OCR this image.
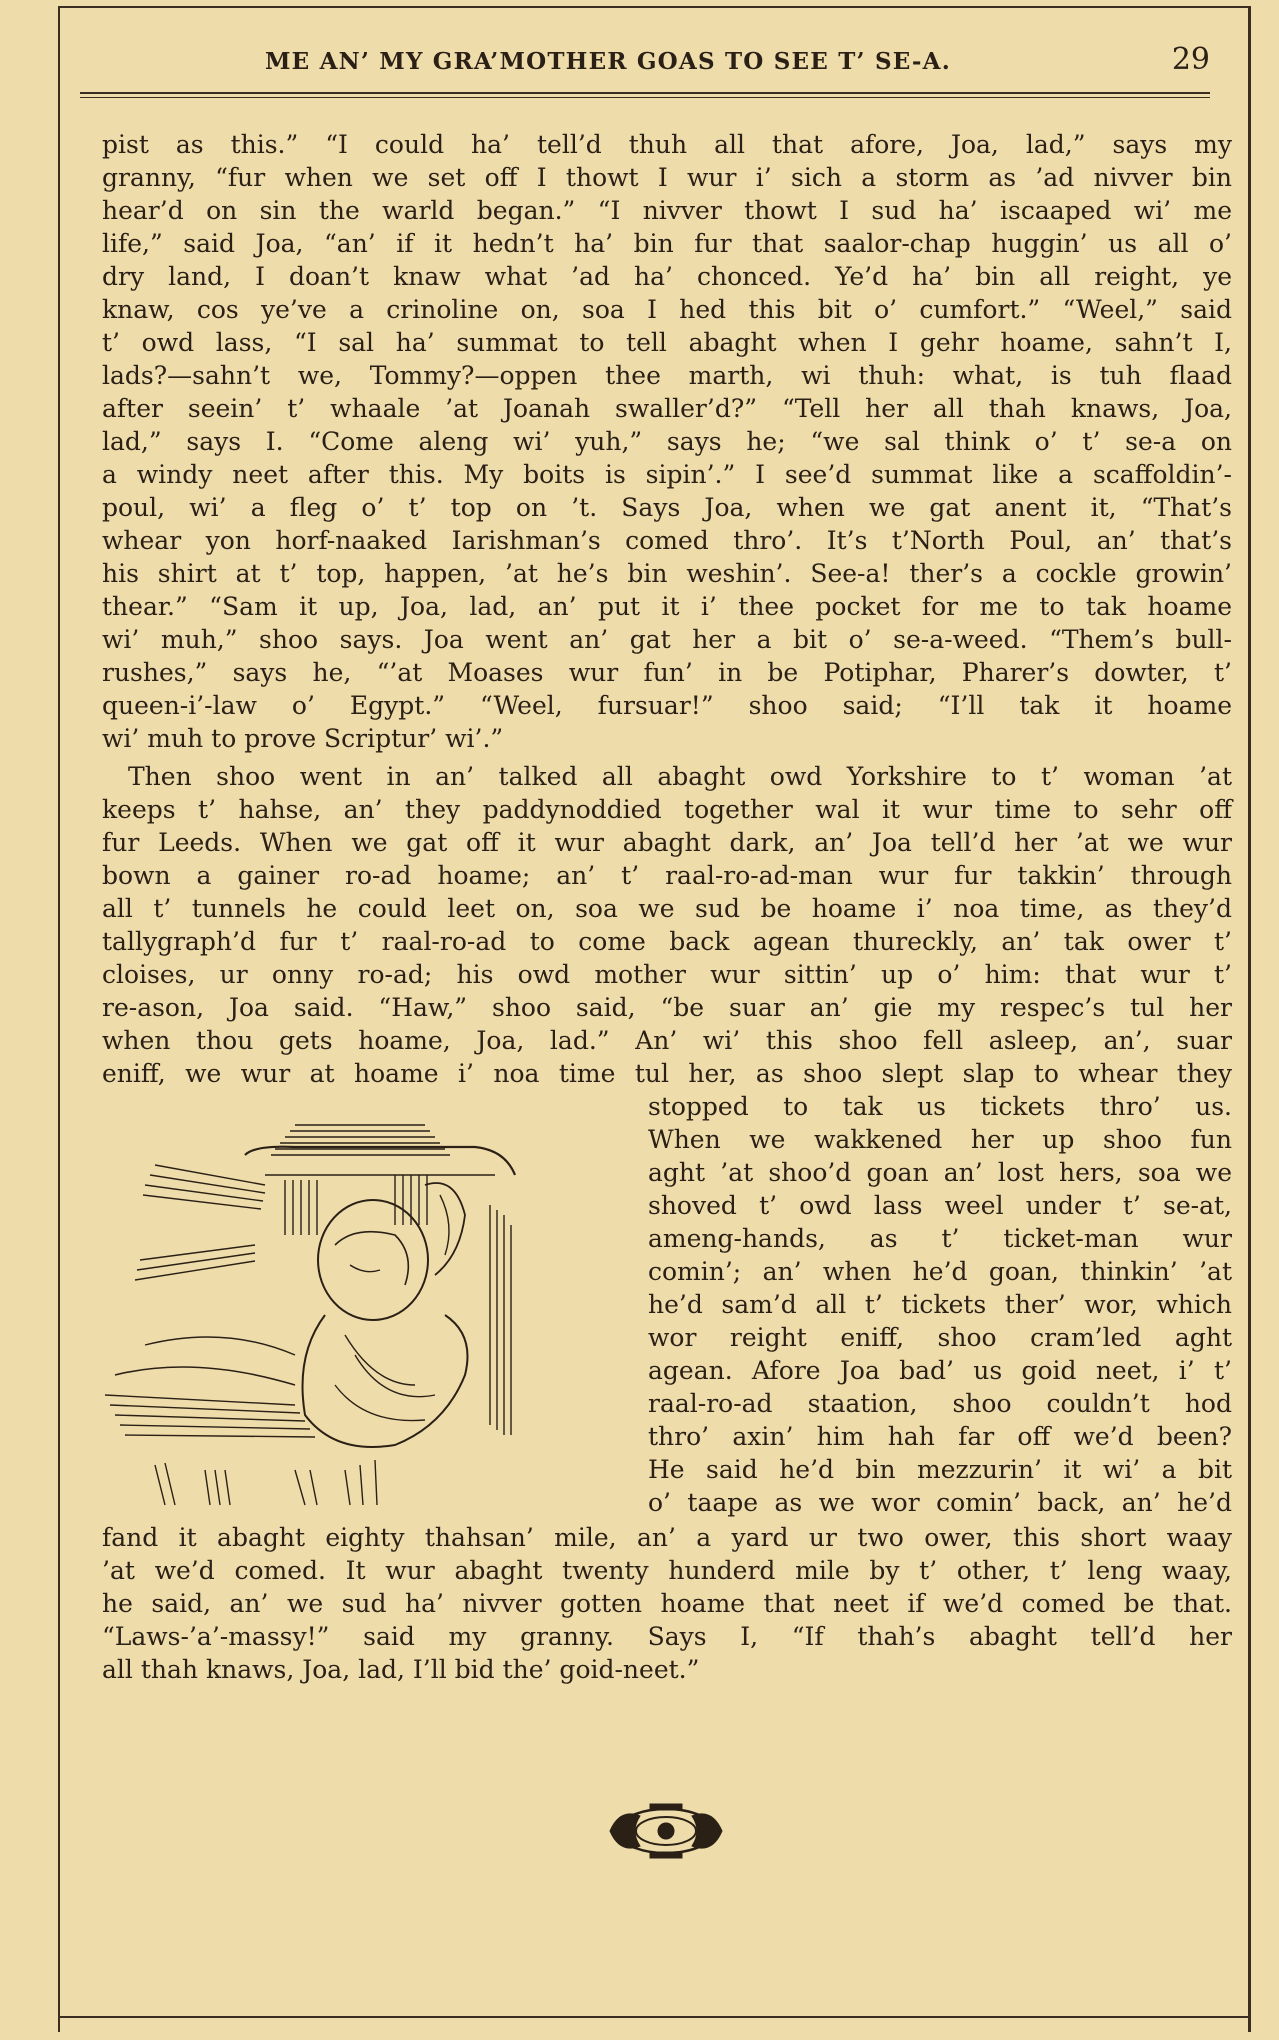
ME AN’ MY GRA’MOTHER GOAS TO SEE T’ SE-A.	29
pist as this.” “I could ha’ tell’d thuh all that afore, Joa, lad,” says my
granny, “fur when we set off I thowt I wur i’ sich a storm as ’ad nivver bin
hear’d on sin the warld began.” “I nivver thowt I sud ha’ iscaaped wi’ me
life,” said Joa, “an’ if it hedn’t ha’ bin fur that saalor-chap huggin’ us all o’
dry land, I doan’t knaw what ’ad ha’ chonced. Ye’d ha’ bin all reight, ye
knaw, cos ye’ve a crinoline on, soa I hed this bit o’ cumfort.” “Weel,” said
t’ owd lass, “I sal ha’ summat to tell abaght when I gehr hoame, sahn’t I,
lads?—sahn’t we, Tommy?—oppen thee marth, wi thuh: what, is tuh flaad
after seein’ t’ whaale ’at Joanah swaller’d?” “Tell her all thah knaws, Joa,
lad,” says I. “Come aleng wi’ yuh,” says he; “we sal think o’ t’ se-a on
a windy neet after this. My boits is sipin’.” I see’d summat like a scaffoldin’-
poul, wi’ a fleg o’ t’ top on ’t. Says Joa, when we gat anent it, “That’s
whear yon horf-naaked Iarishman’s comed thro’. It’s t’North Poul, an’ that’s
his shirt at t’ top, happen, ’at he’s bin weshin’. See-a! ther’s a cockle growin’
thear.” “Sam it up, Joa, lad, an’ put it i’ thee pocket for me to tak hoame
wi’ muh,” shoo says. Joa went an’ gat her a bit o’ se-a-weed. “Them’s bull-
rushes,” says he, “’at Moases wur fun’ in be Potiphar, Pharer’s dowter, t’
queen-i’-law o’ Egypt.” “Weel, fursuar!” shoo said; “I’ll tak it hoame
wi’ muh to prove Scriptur’ wi’.”
Then shoo went in an’ talked all abaght owd Yorkshire to t’ woman ’at
keeps t’ hahse, an’ they paddynoddied together wal it wur time to sehr off
fur Leeds. When we gat off it wur abaght dark, an’ Joa tell’d her ’at we wur
bown a gainer ro-ad hoame; an’ t’ raal-ro-ad-man wur fur takkin’ through
all t’ tunnels he could leet on, soa we sud be hoame i’ noa time, as they’d
tallygraph’d fur t’ raal-ro-ad to come back agean thureckly, an’ tak ower t’
cloises, ur onny ro-ad; his owd mother wur sittin’ up o’ him: that wur t’
re-ason, Joa said. “Haw,” shoo said, “be suar an’ gie my respec’s tul her
when thou gets hoame, Joa, lad.” An’ wi’ this shoo fell asleep, an’, suar
eniff, we wur at hoame i’ noa time tul her, as shoo slept slap to whear they
stopped to tak us tickets thro’ us.
When we wakkened her up shoo fun
aght ’at shoo’d goan an’ lost hers, soa we
shoved t’ owd lass weel under t’ se-at,
ameng-hands, as t’ ticket-man wur
comin’; an’ when he’d goan, thinkin’ ’at
he’d sam’d all t’ tickets ther’ wor, which
wor reight eniff, shoo cram’led aght
agean. Afore Joa bad’ us goid neet, i’ t’
raal-ro-ad staation, shoo couldn’t hod
thro’ axin’ him hah far off we’d been?
He said he’d bin mezzurin’ it wi’ a bit
o’ taape as we wor comin’ back, an’ he’d
fand it abaght eighty thahsan’ mile, an’ a yard ur two ower, this short waay
’at we’d comed. It wur abaght twenty hunderd mile by t’ other, t’ leng waay,
he said, an’ we sud ha’ nivver gotten hoame that neet if we’d comed be that.
“Laws-’a’-massy!” said my granny. Says I, “If thah’s abaght tell’d her
all thah knaws, Joa, lad, I’ll bid the’ goid-neet.”
